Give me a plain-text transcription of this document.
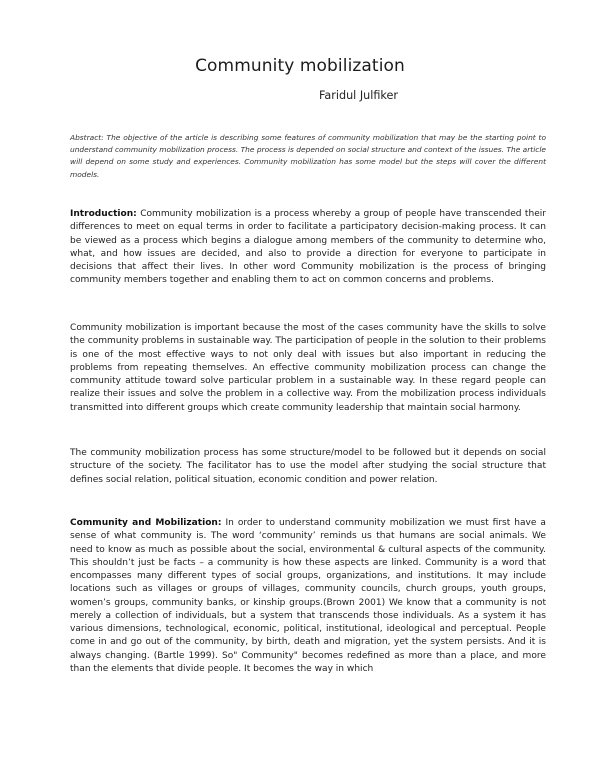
Community mobilization
Faridul Julfiker
Abstract: The objective of the article is describing some features of community mobilization that may be the starting point to understand community mobilization process. The process is depended on social structure and context of the issues. The article will depend on some study and experiences. Community mobilization has some model but the steps will cover the different models.
Introduction: Community mobilization is a process whereby a group of people have transcended their differences to meet on equal terms in order to facilitate a participatory decision-making process. It can be viewed as a process which begins a dialogue among members of the community to determine who, what, and how issues are decided, and also to provide a direction for everyone to participate in decisions that affect their lives. In other word Community mobilization is the process of bringing community members together and enabling them to act on common concerns and problems.
Community mobilization is important because the most of the cases community have the skills to solve the community problems in sustainable way. The participation of people in the solution to their problems is one of the most effective ways to not only deal with issues but also important in reducing the problems from repeating themselves. An effective community mobilization process can change the community attitude toward solve particular problem in a sustainable way. In these regard people can realize their issues and solve the problem in a collective way. From the mobilization process individuals transmitted into different groups which create community leadership that maintain social harmony.
The community mobilization process has some structure/model to be followed but it depends on social structure of the society. The facilitator has to use the model after studying the social structure that defines social relation, political situation, economic condition and power relation.
Community and Mobilization: In order to understand community mobilization we must first have a sense of what community is. The word ‘community’ reminds us that humans are social animals. We need to know as much as possible about the social, environmental & cultural aspects of the community. This shouldn’t just be facts – a community is how these aspects are linked. Community is a word that encompasses many different types of social groups, organizations, and institutions. It may include locations such as villages or groups of villages, community councils, church groups, youth groups, women’s groups, community banks, or kinship groups.(Brown 2001) We know that a community is not merely a collection of individuals, but a system that transcends those individuals. As a system it has various dimensions, technological, economic, political, institutional, ideological and perceptual. People come in and go out of the community, by birth, death and migration, yet the system persists. And it is always changing. (Bartle 1999). So" Community" becomes redefined as more than a place, and more than the elements that divide people. It becomes the way in which
